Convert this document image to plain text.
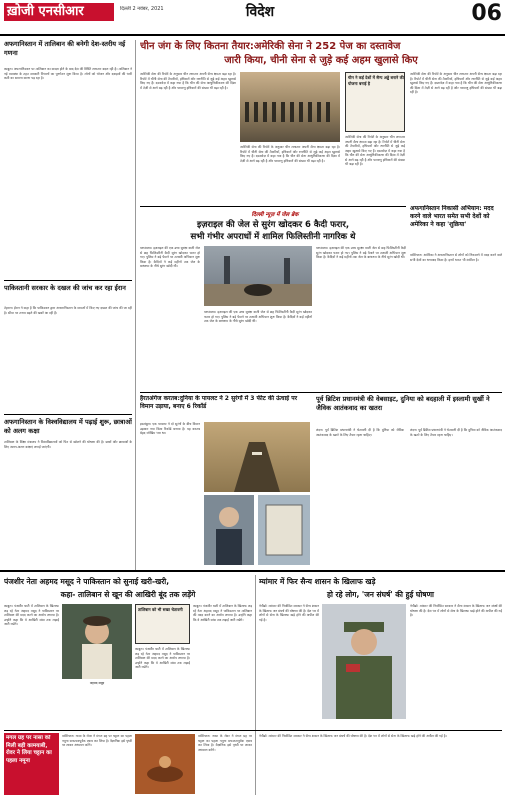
ख़ोजी एनसीआर	दिल्ली 2 नवंबर, 2021	विदेश	06
अफगानिस्तान में तालिबान की बनेगी देश-स्तरीय नई गणना
काबुल। अफगानिस्तान पर तालिबान का कब्ज़ा होने के बाद देश की स्थिति लगातार बदल रही है। तालिबान ने नई व्यवस्था के तहत सरकारी विभागों का पुनर्गठन शुरू किया है। लोगों को भोजन और दवाइयों की भारी कमी का सामना करना पड़ रहा है।
पाकिस्तानी सरकार के दखल की जांच कर रहा ईरान
तेहरान। ईरान ने कहा है कि पाकिस्तान द्वारा अफगानिस्तान के मामलों में किए गए दखल की जांच की जा रही है। सीमा पर तनाव बढ़ने की खबरें आ रही हैं।
अफगानिस्तान के विश्वविद्यालय में पढ़ाई शुरू, छात्राओं को अलग कक्षा
तालिबान के शिक्षा मंत्रालय ने विश्वविद्यालयों को फिर से खोलने की घोषणा की है। छात्रों और छात्राओं के लिए अलग-अलग कक्षाएं लगाई जाएंगी।
चीन जंग के लिए कितना तैयार:अमेरिकी सेना ने 252 पेज का दस्तावेज
जारी किया, चीनी सेना से जुड़े कई अहम खुलासे किए
अमेरिकी सेना की रिपोर्ट के अनुसार चीन लगातार अपनी सैन्य क्षमता बढ़ा रहा है। रिपोर्ट में चीनी सेना की तैयारियों, हथियारों और रणनीति से जुड़े कई अहम खुलासे किए गए हैं। दस्तावेज़ में कहा गया है कि चीन की सेना आधुनिकीकरण की दिशा में तेज़ी से आगे बढ़ रही है और परमाणु हथियारों की संख्या भी बढ़ा रही है।
अमेरिकी सेना की रिपोर्ट के अनुसार चीन लगातार अपनी सैन्य क्षमता बढ़ा रहा है। रिपोर्ट में चीनी सेना की तैयारियों, हथियारों और रणनीति से जुड़े कई अहम खुलासे किए गए हैं। दस्तावेज़ में कहा गया है कि चीन की सेना आधुनिकीकरण की दिशा में तेज़ी से आगे बढ़ रही है और परमाणु हथियारों की संख्या भी बढ़ा रही है।
चीन ने कई देशों में सैन्य अड्डे बनाने की योजना बनाई है
अमेरिकी सेना की रिपोर्ट के अनुसार चीन लगातार अपनी सैन्य क्षमता बढ़ा रहा है। रिपोर्ट में चीनी सेना की तैयारियों, हथियारों और रणनीति से जुड़े कई अहम खुलासे किए गए हैं। दस्तावेज़ में कहा गया है कि चीन की सेना आधुनिकीकरण की दिशा में तेज़ी से आगे बढ़ रही है और परमाणु हथियारों की संख्या भी बढ़ा रही है।
अमेरिकी सेना की रिपोर्ट के अनुसार चीन लगातार अपनी सैन्य क्षमता बढ़ा रहा है। रिपोर्ट में चीनी सेना की तैयारियों, हथियारों और रणनीति से जुड़े कई अहम खुलासे किए गए हैं। दस्तावेज़ में कहा गया है कि चीन की सेना आधुनिकीकरण की दिशा में तेज़ी से आगे बढ़ रही है और परमाणु हथियारों की संख्या भी बढ़ा रही है।
अफगानिस्तान निकासी अभियान: मदद करने वाले भारत समेत सभी देशों को अमेरिका ने कहा 'शुक्रिया'
वाशिंगटन। अमेरिका ने अफगानिस्तान से लोगों को निकालने में मदद करने वाले सभी देशों का धन्यवाद किया है। इनमें भारत भी शामिल है।
दिल्ली न्यूज़ में जेल ब्रेक
इज़राइल की जेल से सुरंग खोदकर 6 कैदी फरार,
सभी गंभीर अपराधों में शामिल फिलिस्तीनी नागरिक थे
यरूशलम। इज़राइल की एक उच्च सुरक्षा वाली जेल से छह फिलिस्तीनी कैदी सुरंग खोदकर फरार हो गए। पुलिस ने बड़े पैमाने पर तलाशी अभियान शुरू किया है। कैदियों ने कई महीनों तक जेल के बाथरूम के नीचे सुरंग खोदी थी।
यरूशलम। इज़राइल की एक उच्च सुरक्षा वाली जेल से छह फिलिस्तीनी कैदी सुरंग खोदकर फरार हो गए। पुलिस ने बड़े पैमाने पर तलाशी अभियान शुरू किया है। कैदियों ने कई महीनों तक जेल के बाथरूम के नीचे सुरंग खोदी थी।
यरूशलम। इज़राइल की एक उच्च सुरक्षा वाली जेल से छह फिलिस्तीनी कैदी सुरंग खोदकर फरार हो गए। पुलिस ने बड़े पैमाने पर तलाशी अभियान शुरू किया है। कैदियों ने कई महीनों तक जेल के बाथरूम के नीचे सुरंग खोदी थी।
हैरतअंगेज करतब:दुनिया के पायलट ने 2 सुरंगों में 3 फीट की ऊंचाई पर विमान उड़ाया, बनाए 6 रिकॉर्ड
इस्तांबुल। एक पायलट ने दो सुरंगों के बीच विमान उड़ाकर नया विश्व रिकॉर्ड बनाया है। यह करतब बेहद जोखिम भरा था।
पूर्व ब्रिटिश प्रधानमंत्री की वेबसाइट, दुनिया को बदहाली में इस्लामी सुर्खी ने जैविक आतंकवाद का खतरा
लंदन। पूर्व ब्रिटिश प्रधानमंत्री ने चेतावनी दी है कि दुनिया को जैविक आतंकवाद के खतरे के लिए तैयार रहना चाहिए।
लंदन। पूर्व ब्रिटिश प्रधानमंत्री ने चेतावनी दी है कि दुनिया को जैविक आतंकवाद के खतरे के लिए तैयार रहना चाहिए।
पंजशीर नेता अहमद मसूद ने पाकिस्तान को सुनाई खरी-खरी,
कहा- तालिबान से खून की आखिरी बूंद तक लड़ेंगे
काबुल। पंजशीर घाटी में तालिबान के खिलाफ लड़ रहे नेता अहमद मसूद ने पाकिस्तान पर तालिबान की मदद करने का आरोप लगाया है। उन्होंने कहा कि वे आखिरी सांस तक लड़ाई जारी रखेंगे।
अहमद मसूद
तालिबान को भी सख्त चेतावनी
काबुल। पंजशीर घाटी में तालिबान के खिलाफ लड़ रहे नेता अहमद मसूद ने पाकिस्तान पर तालिबान की मदद करने का आरोप लगाया है। उन्होंने कहा कि वे आखिरी सांस तक लड़ाई जारी रखेंगे।
काबुल। पंजशीर घाटी में तालिबान के खिलाफ लड़ रहे नेता अहमद मसूद ने पाकिस्तान पर तालिबान की मदद करने का आरोप लगाया है। उन्होंने कहा कि वे आखिरी सांस तक लड़ाई जारी रखेंगे।
म्यांमार में फिर सैन्य शासन के खिलाफ खड़े
हो रहे लोग, 'जन संघर्ष' की हुई घोषणा
नेपीडॉ। म्यांमार की निर्वासित सरकार ने सैन्य शासन के खिलाफ जन संघर्ष की घोषणा की है। देश भर में लोगों से सेना के खिलाफ खड़े होने की अपील की गई है।
नेपीडॉ। म्यांमार की निर्वासित सरकार ने सैन्य शासन के खिलाफ जन संघर्ष की घोषणा की है। देश भर में लोगों से सेना के खिलाफ खड़े होने की अपील की गई है।
मंगल ग्रह पर नासा को मिली बड़ी कामयाबी, रोवर ने लिया चट्टान का पहला नमूना
वाशिंगटन। नासा के रोवर ने मंगल ग्रह पर चट्टान का पहला नमूना सफलतापूर्वक एकत्र कर लिया है। वैज्ञानिक इसे पृथ्वी पर लाकर अध्ययन करेंगे।
वाशिंगटन। नासा के रोवर ने मंगल ग्रह पर चट्टान का पहला नमूना सफलतापूर्वक एकत्र कर लिया है। वैज्ञानिक इसे पृथ्वी पर लाकर अध्ययन करेंगे।
नेपीडॉ। म्यांमार की निर्वासित सरकार ने सैन्य शासन के खिलाफ जन संघर्ष की घोषणा की है। देश भर में लोगों से सेना के खिलाफ खड़े होने की अपील की गई है।
